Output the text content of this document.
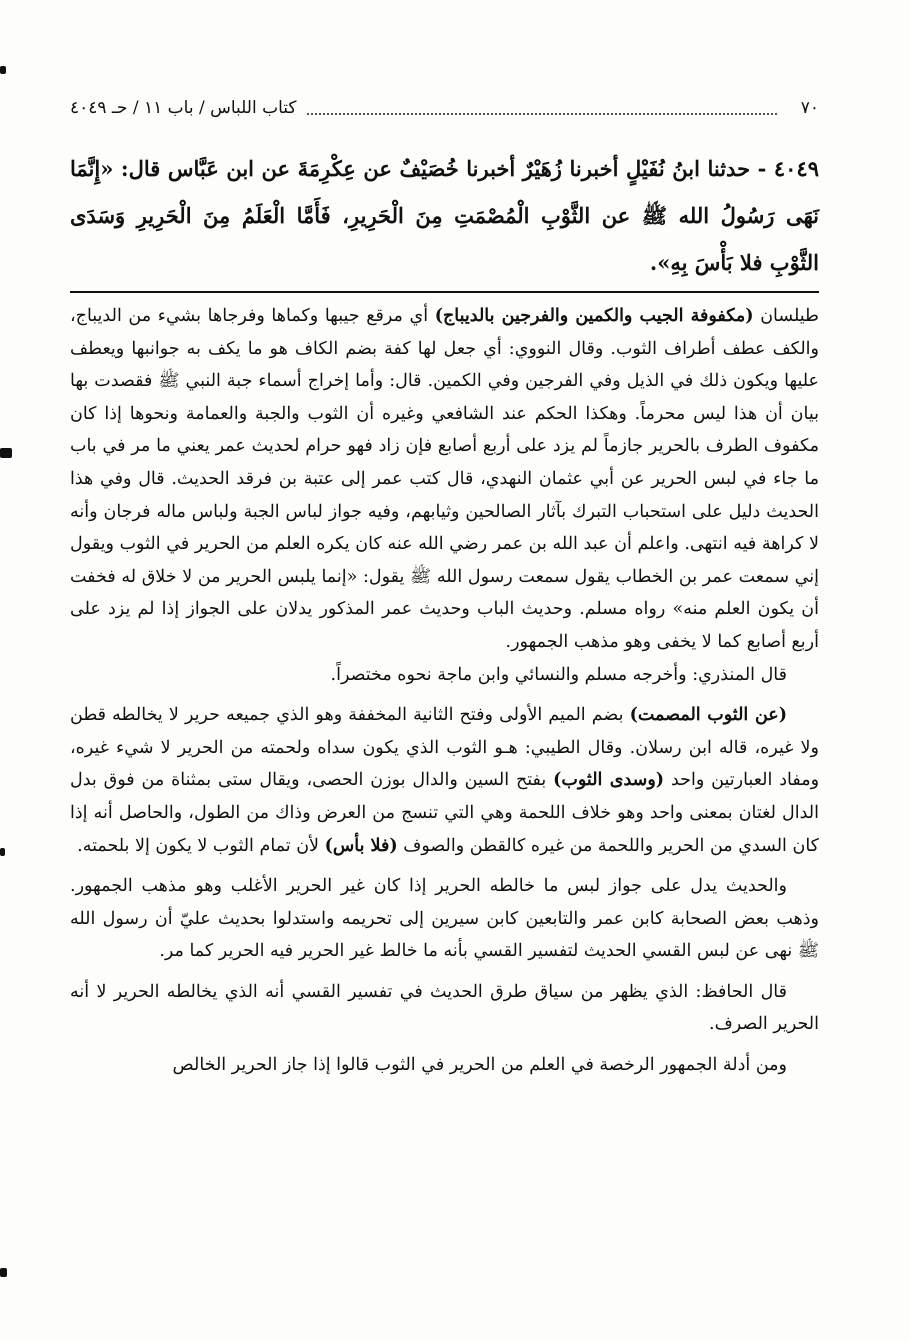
٧٠
كتاب اللباس / باب ١١ / حـ ٤٠٤٩
٤٠٤٩ - حدثنا ابنُ نُفَيْلٍ أخبرنا زُهَيْرٌ أخبرنا خُصَيْفٌ عن عِكْرِمَةَ عن ابن عَبَّاس قال: «إِنَّمَا نَهَى رَسُولُ الله ﷺ عن الثَّوْبِ الْمُصْمَتِ مِنَ الْحَرِيرِ، فَأَمَّا الْعَلَمُ مِنَ الْحَرِيرِ وَسَدَى الثَّوْبِ فلا بَأْسَ بِهِ».

طيلسان (مكفوفة الجيب والكمين والفرجين بالديباج) أي مرقع جيبها وكماها وفرجاها بشيء من الديباج، والكف عطف أطراف الثوب. وقال النووي: أي جعل لها كفة بضم الكاف هو ما يكف به جوانبها ويعطف عليها ويكون ذلك في الذيل وفي الفرجين وفي الكمين. قال: وأما إخراج أسماء جبة النبي ﷺ فقصدت بها بيان أن هذا ليس محرماً. وهكذا الحكم عند الشافعي وغيره أن الثوب والجبة والعمامة ونحوها إذا كان مكفوف الطرف بالحرير جازماً لم يزد على أربع أصابع فإن زاد فهو حرام لحديث عمر يعني ما مر في باب ما جاء في لبس الحرير عن أبي عثمان النهدي، قال كتب عمر إلى عتبة بن فرقد الحديث. قال وفي هذا الحديث دليل على استحباب التبرك بآثار الصالحين وثيابهم، وفيه جواز لباس الجبة ولباس ماله فرجان وأنه لا كراهة فيه انتهى. واعلم أن عبد الله بن عمر رضي الله عنه كان يكره العلم من الحرير في الثوب ويقول إني سمعت عمر بن الخطاب يقول سمعت رسول الله ﷺ يقول: «إنما يلبس الحرير من لا خلاق له فخفت أن يكون العلم منه» رواه مسلم. وحديث الباب وحديث عمر المذكور يدلان على الجواز إذا لم يزد على أربع أصابع كما لا يخفى وهو مذهب الجمهور.

قال المنذري: وأخرجه مسلم والنسائي وابن ماجة نحوه مختصراً.

(عن الثوب المصمت) بضم الميم الأولى وفتح الثانية المخففة وهو الذي جميعه حرير لا يخالطه قطن ولا غيره، قاله ابن رسلان. وقال الطيبي: هـو الثوب الذي يكون سداه ولحمته من الحرير لا شيء غيره، ومفاد العبارتين واحد (وسدى الثوب) بفتح السين والدال بوزن الحصى، ويقال ستى بمثناة من فوق بدل الدال لغتان بمعنى واحد وهو خلاف اللحمة وهي التي تنسج من العرض وذاك من الطول، والحاصل أنه إذا كان السدي من الحرير واللحمة من غيره كالقطن والصوف (فلا بأس) لأن تمام الثوب لا يكون إلا بلحمته.

والحديث يدل على جواز لبس ما خالطه الحرير إذا كان غير الحرير الأغلب وهو مذهب الجمهور. وذهب بعض الصحابة كابن عمر والتابعين كابن سيرين إلى تحريمه واستدلوا بحديث عليّ أن رسول الله ﷺ نهى عن لبس القسي الحديث لتفسير القسي بأنه ما خالط غير الحرير فيه الحرير كما مر.

قال الحافظ: الذي يظهر من سياق طرق الحديث في تفسير القسي أنه الذي يخالطه الحرير لا أنه الحرير الصرف.

ومن أدلة الجمهور الرخصة في العلم من الحرير في الثوب قالوا إذا جاز الحرير الخالص
